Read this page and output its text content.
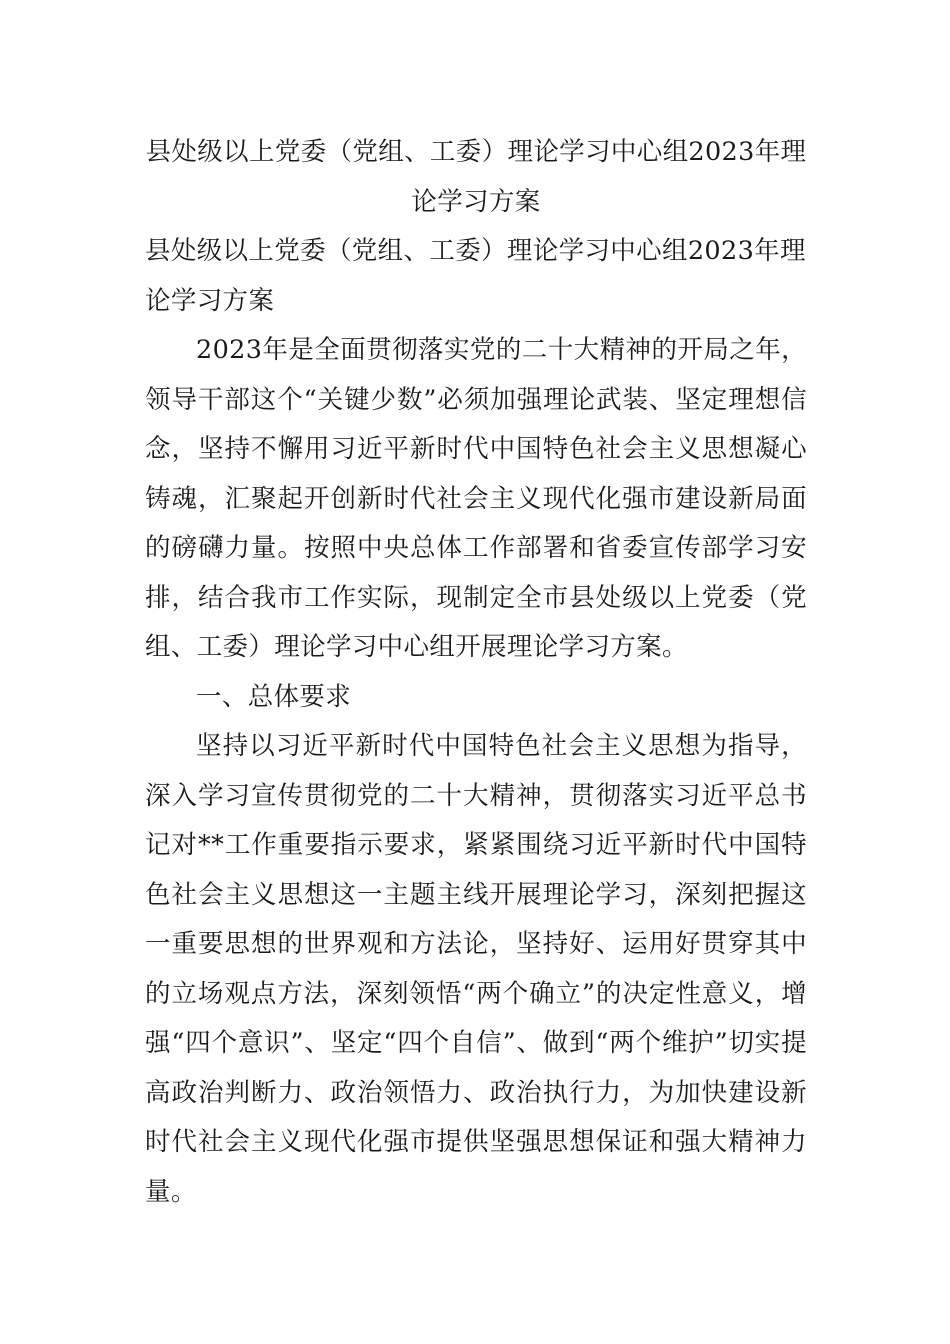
县处级以上党委（党组、工委）理论学习中心组2023年理论学习方案
县处级以上党委（党组、工委）理论学习中心组2023年理论学习方案

2023年是全面贯彻落实党的二十大精神的开局之年，领导干部这个“关键少数”必须加强理论武装、坚定理想信念，坚持不懈用习近平新时代中国特色社会主义思想凝心铸魂，汇聚起开创新时代社会主义现代化强市建设新局面的磅礴力量。按照中央总体工作部署和省委宣传部学习安排，结合我市工作实际，现制定全市县处级以上党委（党组、工委）理论学习中心组开展理论学习方案。

一、总体要求

坚持以习近平新时代中国特色社会主义思想为指导，深入学习宣传贯彻党的二十大精神，贯彻落实习近平总书记对**工作重要指示要求，紧紧围绕习近平新时代中国特色社会主义思想这一主题主线开展理论学习，深刻把握这一重要思想的世界观和方法论，坚持好、运用好贯穿其中的立场观点方法，深刻领悟“两个确立”的决定性意义，增强“四个意识”、坚定“四个自信”、做到“两个维护”切实提高政治判断力、政治领悟力、政治执行力，为加快建设新时代社会主义现代化强市提供坚强思想保证和强大精神力量。
